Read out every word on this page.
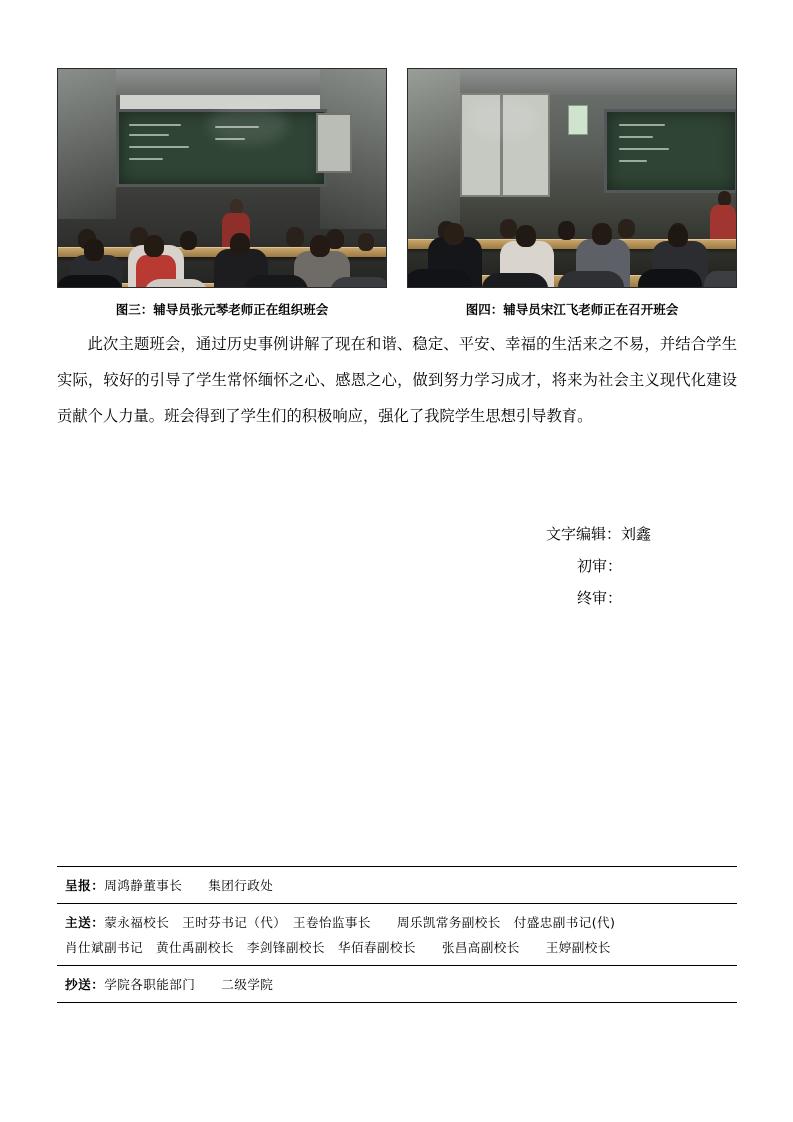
图三：辅导员张元琴老师正在组织班会	图四：辅导员宋江飞老师正在召开班会
此次主题班会，通过历史事例讲解了现在和谐、稳定、平安、幸福的生活来之不易，并结合学生实际，较好的引导了学生常怀缅怀之心、感恩之心，做到努力学习成才，将来为社会主义现代化建设贡献个人力量。班会得到了学生们的积极响应，强化了我院学生思想引导教育。
文字编辑：刘鑫
初审：
终审：
呈报：周鸿静董事长　　集团行政处
主送：蒙永福校长　王时芬书记（代）　王卷怡监事长　　周乐凯常务副校长　付盛忠副书记(代)
肖仕斌副书记　黄仕禹副校长　李剑锋副校长　华佰春副校长　　张昌高副校长　　王婷副校长
抄送：学院各职能部门　　二级学院
